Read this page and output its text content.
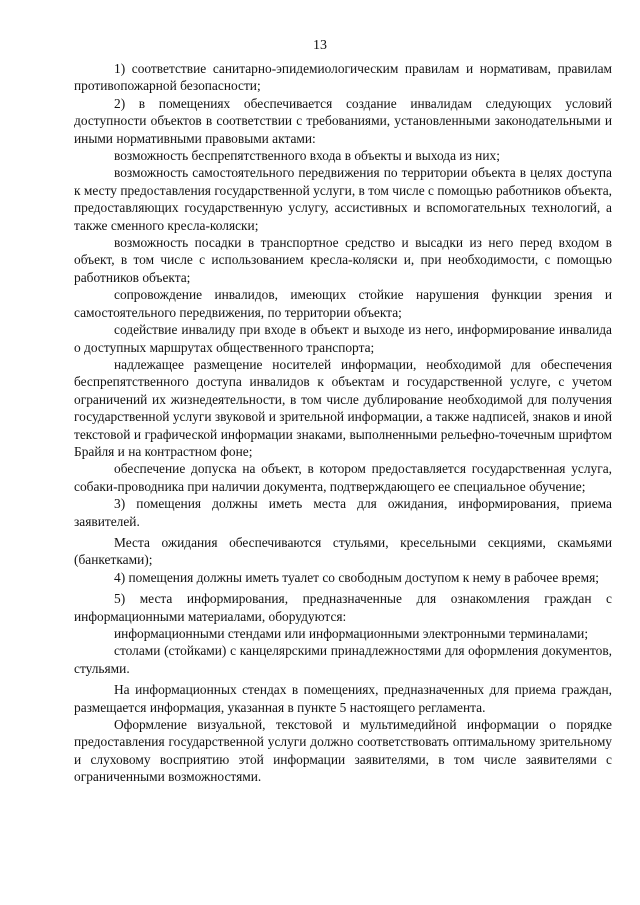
13

1) соответствие санитарно-эпидемиологическим правилам и нормативам, правилам противопожарной безопасности;

2) в помещениях обеспечивается создание инвалидам следующих условий доступности объектов в соответствии с требованиями, установленными законодательными и иными нормативными правовыми актами:

возможность беспрепятственного входа в объекты и выхода из них;

возможность самостоятельного передвижения по территории объекта в целях доступа к месту предоставления государственной услуги, в том числе с помощью работников объекта, предоставляющих государственную услугу, ассистивных и вспомогательных технологий, а также сменного кресла-коляски;

возможность посадки в транспортное средство и высадки из него перед входом в объект, в том числе с использованием кресла-коляски и, при необходимости, с помощью работников объекта;

сопровождение инвалидов, имеющих стойкие нарушения функции зрения и самостоятельного передвижения, по территории объекта;

содействие инвалиду при входе в объект и выходе из него, информирование инвалида о доступных маршрутах общественного транспорта;

надлежащее размещение носителей информации, необходимой для обеспечения беспрепятственного доступа инвалидов к объектам и государственной услуге, с учетом ограничений их жизнедеятельности, в том числе дублирование необходимой для получения государственной услуги звуковой и зрительной информации, а также надписей, знаков и иной текстовой и графической информации знаками, выполненными рельефно-точечным шрифтом Брайля и на контрастном фоне;

обеспечение допуска на объект, в котором предоставляется государственная услуга, собаки-проводника при наличии документа, подтверждающего ее специальное обучение;

3) помещения должны иметь места для ожидания, информирования, приема заявителей.

Места ожидания обеспечиваются стульями, кресельными секциями, скамьями (банкетками);

4) помещения должны иметь туалет со свободным доступом к нему в рабочее время;

5) места информирования, предназначенные для ознакомления граждан с информационными материалами, оборудуются:

информационными стендами или информационными электронными терминалами;

столами (стойками) с канцелярскими принадлежностями для оформления документов, стульями.

На информационных стендах в помещениях, предназначенных для приема граждан, размещается информация, указанная в пункте 5 настоящего регламента.

Оформление визуальной, текстовой и мультимедийной информации о порядке предоставления государственной услуги должно соответствовать оптимальному зрительному и слуховому восприятию этой информации заявителями, в том числе заявителями с ограниченными возможностями.
